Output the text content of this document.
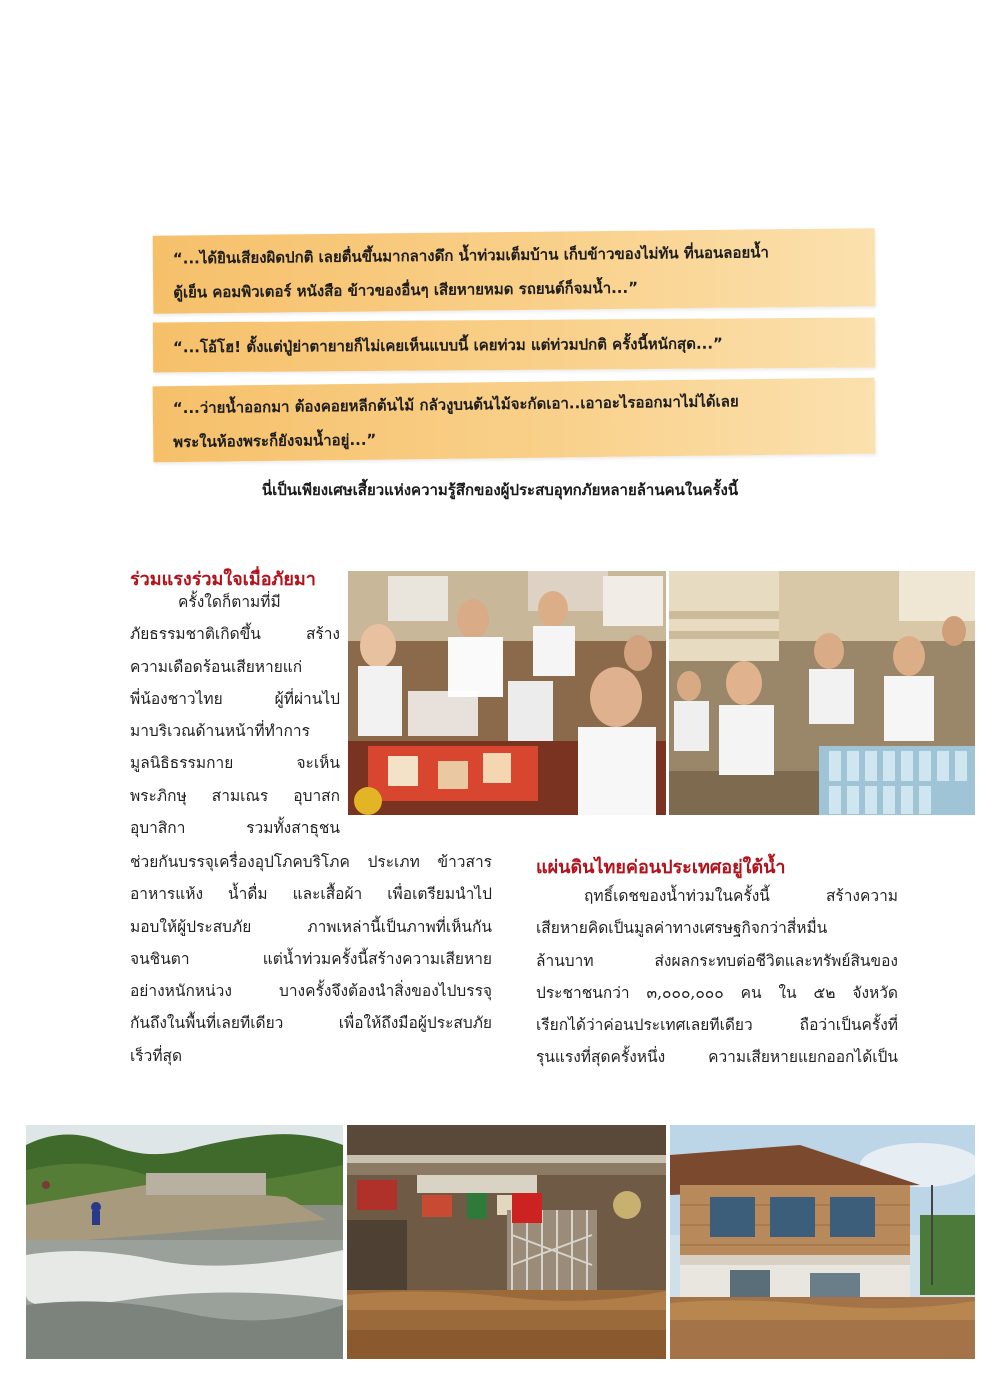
“...ได้ยินเสียงผิดปกติ เลยตื่นขึ้นมากลางดึก น้ำท่วมเต็มบ้าน เก็บข้าวของไม่ทัน ที่นอนลอยน้ำ
ตู้เย็น คอมพิวเตอร์ หนังสือ ข้าวของอื่นๆ เสียหายหมด รถยนต์ก็จมน้ำ...”
“...โอ้โฮ! ตั้งแต่ปู่ย่าตายายก็ไม่เคยเห็นแบบนี้ เคยท่วม แต่ท่วมปกติ ครั้งนี้หนักสุด...”
“...ว่ายน้ำออกมา ต้องคอยหลีกต้นไม้ กลัวงูบนต้นไม้จะกัดเอา..เอาอะไรออกมาไม่ได้เลย
พระในห้องพระก็ยังจมน้ำอยู่...”
นี่เป็นเพียงเศษเสี้ยวแห่งความรู้สึกของผู้ประสบอุทกภัยหลายล้านคนในครั้งนี้
ร่วมแรงร่วมใจเมื่อภัยมา
ครั้งใดก็ตามที่มี
ภัยธรรมชาติเกิดขึ้น สร้าง
ความเดือดร้อนเสียหายแก่
พี่น้องชาวไทย ผู้ที่ผ่านไป
มาบริเวณด้านหน้าที่ทำการ
มูลนิธิธรรมกาย จะเห็น
พระภิกษุ สามเณร อุบาสก
อุบาสิกา รวมทั้งสาธุชน
ช่วยกันบรรจุเครื่องอุปโภคบริโภค ประเภท ข้าวสาร
อาหารแห้ง น้ำดื่ม และเสื้อผ้า เพื่อเตรียมนำไป
มอบให้ผู้ประสบภัย ภาพเหล่านี้เป็นภาพที่เห็นกัน
จนชินตา แต่น้ำท่วมครั้งนี้สร้างความเสียหาย
อย่างหนักหน่วง บางครั้งจึงต้องนำสิ่งของไปบรรจุ
กันถึงในพื้นที่เลยทีเดียว เพื่อให้ถึงมือผู้ประสบภัย
เร็วที่สุด
แผ่นดินไทยค่อนประเทศอยู่ใต้น้ำ
ฤทธิ์เดชของน้ำท่วมในครั้งนี้ สร้างความ
เสียหายคิดเป็นมูลค่าทางเศรษฐกิจกว่าสี่หมื่น
ล้านบาท ส่งผลกระทบต่อชีวิตและทรัพย์สินของ
ประชาชนกว่า ๓,๐๐๐,๐๐๐ คน ใน ๕๒ จังหวัด
เรียกได้ว่าค่อนประเทศเลยทีเดียว ถือว่าเป็นครั้งที่
รุนแรงที่สุดครั้งหนึ่ง ความเสียหายแยกออกได้เป็น
